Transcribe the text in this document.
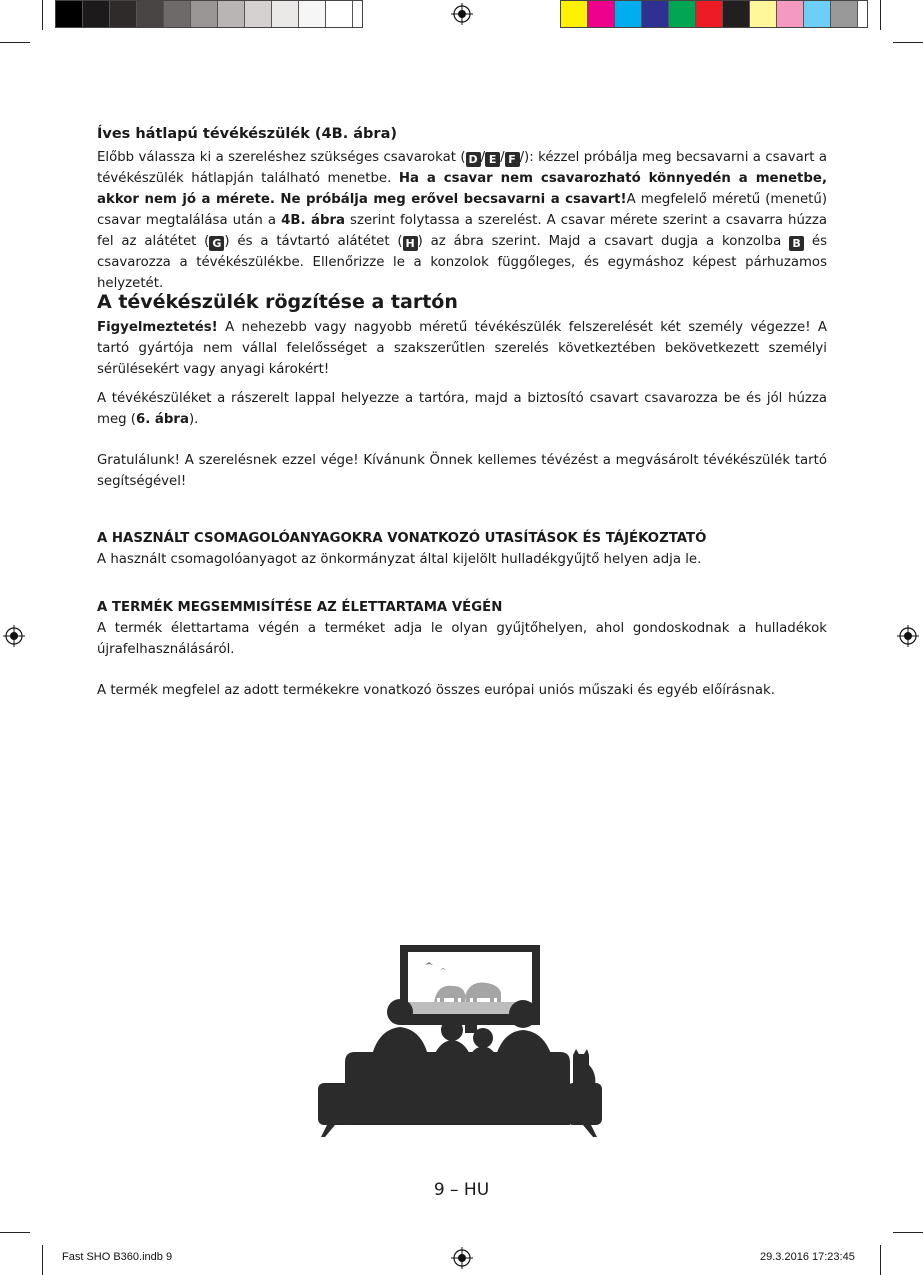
Íves hátlapú tévékészülék (4B. ábra)

Előbb válassza ki a szereléshez szükséges csavarokat ( D / E / F /): kézzel próbálja meg becsavarni a csavart a tévékészülék hátlapján található menetbe. Ha a csavar nem csavarozható könnyedén a menetbe, akkor nem jó a mérete. Ne próbálja meg erővel becsavarni a csavart!A megfelelő méretű (menetű) csavar megtalálása után a 4B. ábra szerint folytassa a szerelést. A csavar mérete szerint a csavarra húzza fel az alátétet ( G ) és a távtartó alátétet ( H ) az ábra szerint. Majd a csavart dugja a konzolba B és csavarozza a tévékészülékbe. Ellenőrizze le a konzolok függőleges, és egymáshoz képest párhuzamos helyzetét.

A tévékészülék rögzítése a tartón

Figyelmeztetés! A nehezebb vagy nagyobb méretű tévékészülék felszerelését két személy végezze! A tartó gyártója nem vállal felelősséget a szakszerűtlen szerelés következtében bekövetkezett személyi sérülésekért vagy anyagi károkért!

A tévékészüléket a rászerelt lappal helyezze a tartóra, majd a biztosító csavart csavarozza be és jól húzza meg (6. ábra).

Gratulálunk! A szerelésnek ezzel vége! Kívánunk Önnek kellemes tévézést a megvásárolt tévékészülék tartó segítségével!

A HASZNÁLT CSOMAGOLÓANYAGOKRA VONATKOZÓ UTASÍTÁSOK ÉS TÁJÉKOZTATÓ

A használt csomagolóanyagot az önkormányzat által kijelölt hulladékgyűjtő helyen adja le.

A TERMÉK MEGSEMMISÍTÉSE AZ ÉLETTARTAMA VÉGÉN

A termék élettartama végén a terméket adja le olyan gyűjtőhelyen, ahol gondoskodnak a hulladékok újrafelhasználásáról.

A termék megfelel az adott termékekre vonatkozó összes európai uniós műszaki és egyéb előírásnak.

9 – HU
Fast SHO B360.indb 9	29.3.2016 17:23:45
